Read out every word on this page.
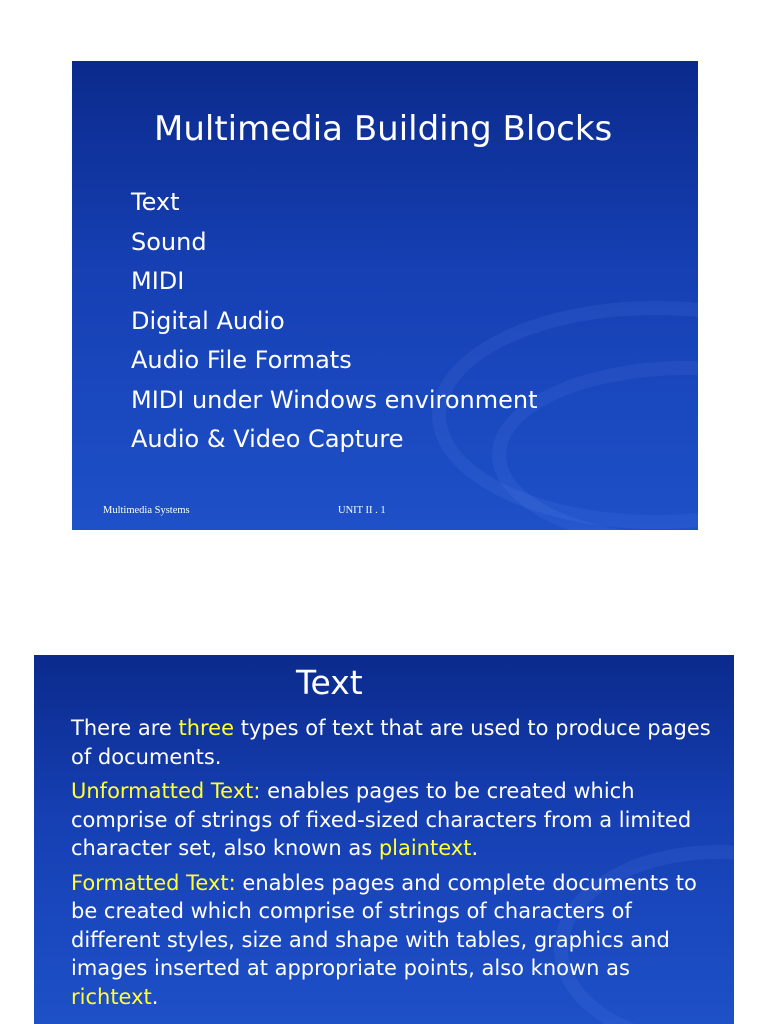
Multimedia Building Blocks
Text
Sound
MIDI
Digital Audio
Audio File Formats
MIDI under Windows environment
Audio & Video Capture
Multimedia Systems	UNIT II . 1
Text

There are three types of text that are used to produce pages of documents.

Unformatted Text: enables pages to be created which comprise of strings of fixed-sized characters from a limited character set, also known as plaintext.

Formatted Text: enables pages and complete documents to be created which comprise of strings of characters of different styles, size and shape with tables, graphics and images inserted at appropriate points, also known as richtext.
